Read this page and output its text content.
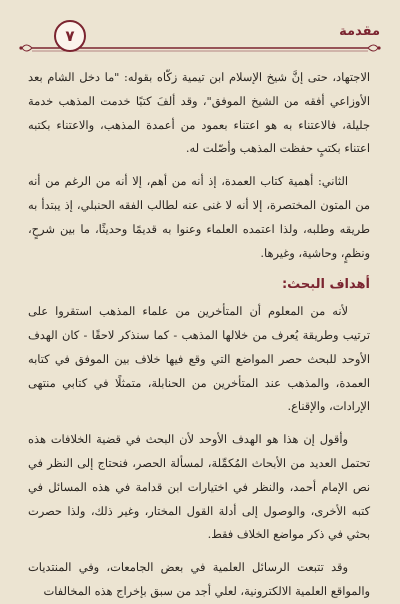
٧	مقدمة

الاجتهاد، حتى إنَّ شيخ الإسلام ابن تيمية زكّاه بقوله: "ما دخل الشام بعد الأوزاعي أفقه من الشيخ الموفق"، وقد ألفَ كتبًا خدمت المذهب خدمة جليلة، فالاعتناء به هو اعتناء بعمود من أعمدة المذهب، والاعتناء بكتبه اعتناء بكتبٍ حفظت المذهب وأصّلت له.

الثاني: أهمية كتاب العمدة، إذ أنه من أهم، إلا أنه من الرغم من أنه من المتون المختصرة، إلا أنه لا غنى عنه لطالب الفقه الحنبلي، إذ يبتدأ به طريقه وطلبه، ولذا اعتمده العلماء وعنوا به قديمًا وحديثًا، ما بين شرحٍ، ونظمٍ، وحاشية، وغيرها.

أهداف البحث:

لأنه من المعلوم أن المتأخرين من علماء المذهب استقروا على ترتيب وطريقة يُعرف من خلالها المذهب - كما سنذكر لاحقًا - كان الهدف الأوحد للبحث حصر المواضع التي وقع فيها خلاف بين الموفق في كتابه العمدة، والمذهب عند المتأخرين من الحنابلة، متمثلًا في كتابي منتهى الإرادات، والإقناع.

وأقول إن هذا هو الهدف الأوحد لأن البحث في قضية الخلافات هذه تحتمل العديد من الأبحاث المُكمِّلة، لمسألة الحصر، فنحتاج إلى النظر في نص الإمام أحمد، والنظر في اختيارات ابن قدامة في هذه المسائل في كتبه الأخرى، والوصول إلى أدلة القول المختار، وغير ذلك، ولذا حصرت بحثي في ذكر مواضع الخلاف فقط.

وقد تتبعت الرسائل العلمية في بعض الجامعات، وفي المنتديات والمواقع العلمية الالكترونية، لعلي أجد من سبق بإخراج هذه المخالفات
